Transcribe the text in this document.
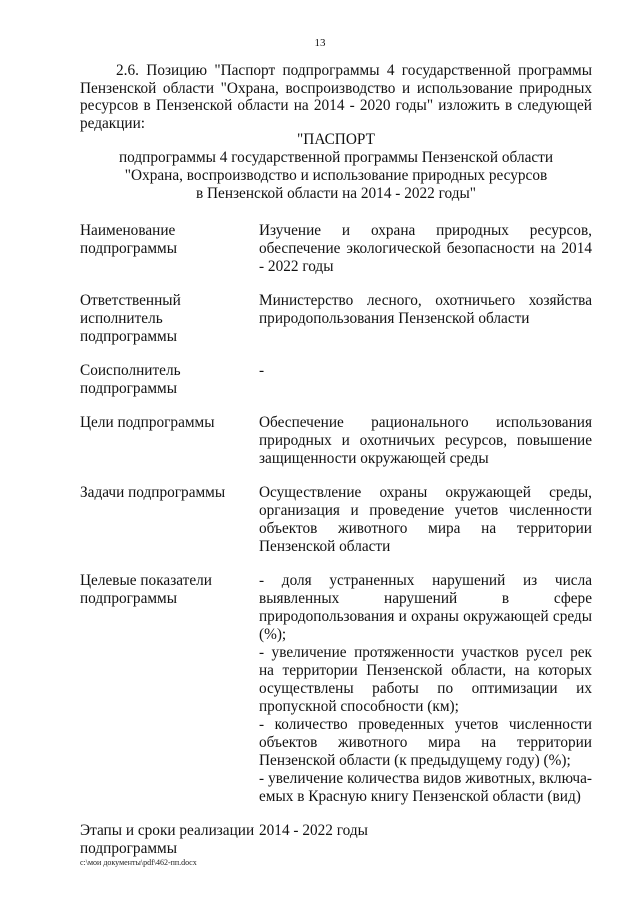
13

2.6. Позицию "Паспорт подпрограммы 4 государственной программы Пензенской области "Охрана, воспроизводство и использование природных ресурсов в Пензенской области на 2014 - 2020 годы" изложить в следующей редакции:

"ПАСПОРТ
подпрограммы 4 государственной программы Пензенской области
"Охрана, воспроизводство и использование природных ресурсов
в Пензенской области на 2014 - 2022 годы"
Наименование подпрограммы	Изучение и охрана природных ресурсов, обеспечение экологической безопасности на 2014 - 2022 годы
Ответственный исполнитель подпрограммы	Министерство лесного, охотничьего хозяйства природопользования Пензенской области
Соисполнитель подпрограммы	-
Цели подпрограммы	Обеспечение рационального использования природных и охотничьих ресурсов, повышение защищенности окружающей среды
Задачи подпрограммы	Осуществление охраны окружающей среды, организация и проведение учетов численности объектов животного мира на территории Пензенской области
Целевые показатели подпрограммы	- доля устраненных нарушений из числа выявленных нарушений в сфере природопользования и охраны окружающей среды (%);
- увеличение протяженности участков русел рек на территории Пензенской области, на которых осуществлены работы по оптимизации их пропускной способности (км);
- количество проведенных учетов численности объектов животного мира на территории Пензенской области (к предыдущему году) (%);
- увеличение количества видов животных, включа-емых в Красную книгу Пензенской области (вид)

Этапы и сроки реализации подпрограммы	2014 - 2022 годы
c:\мои документы\pdf\462-пп.docx
